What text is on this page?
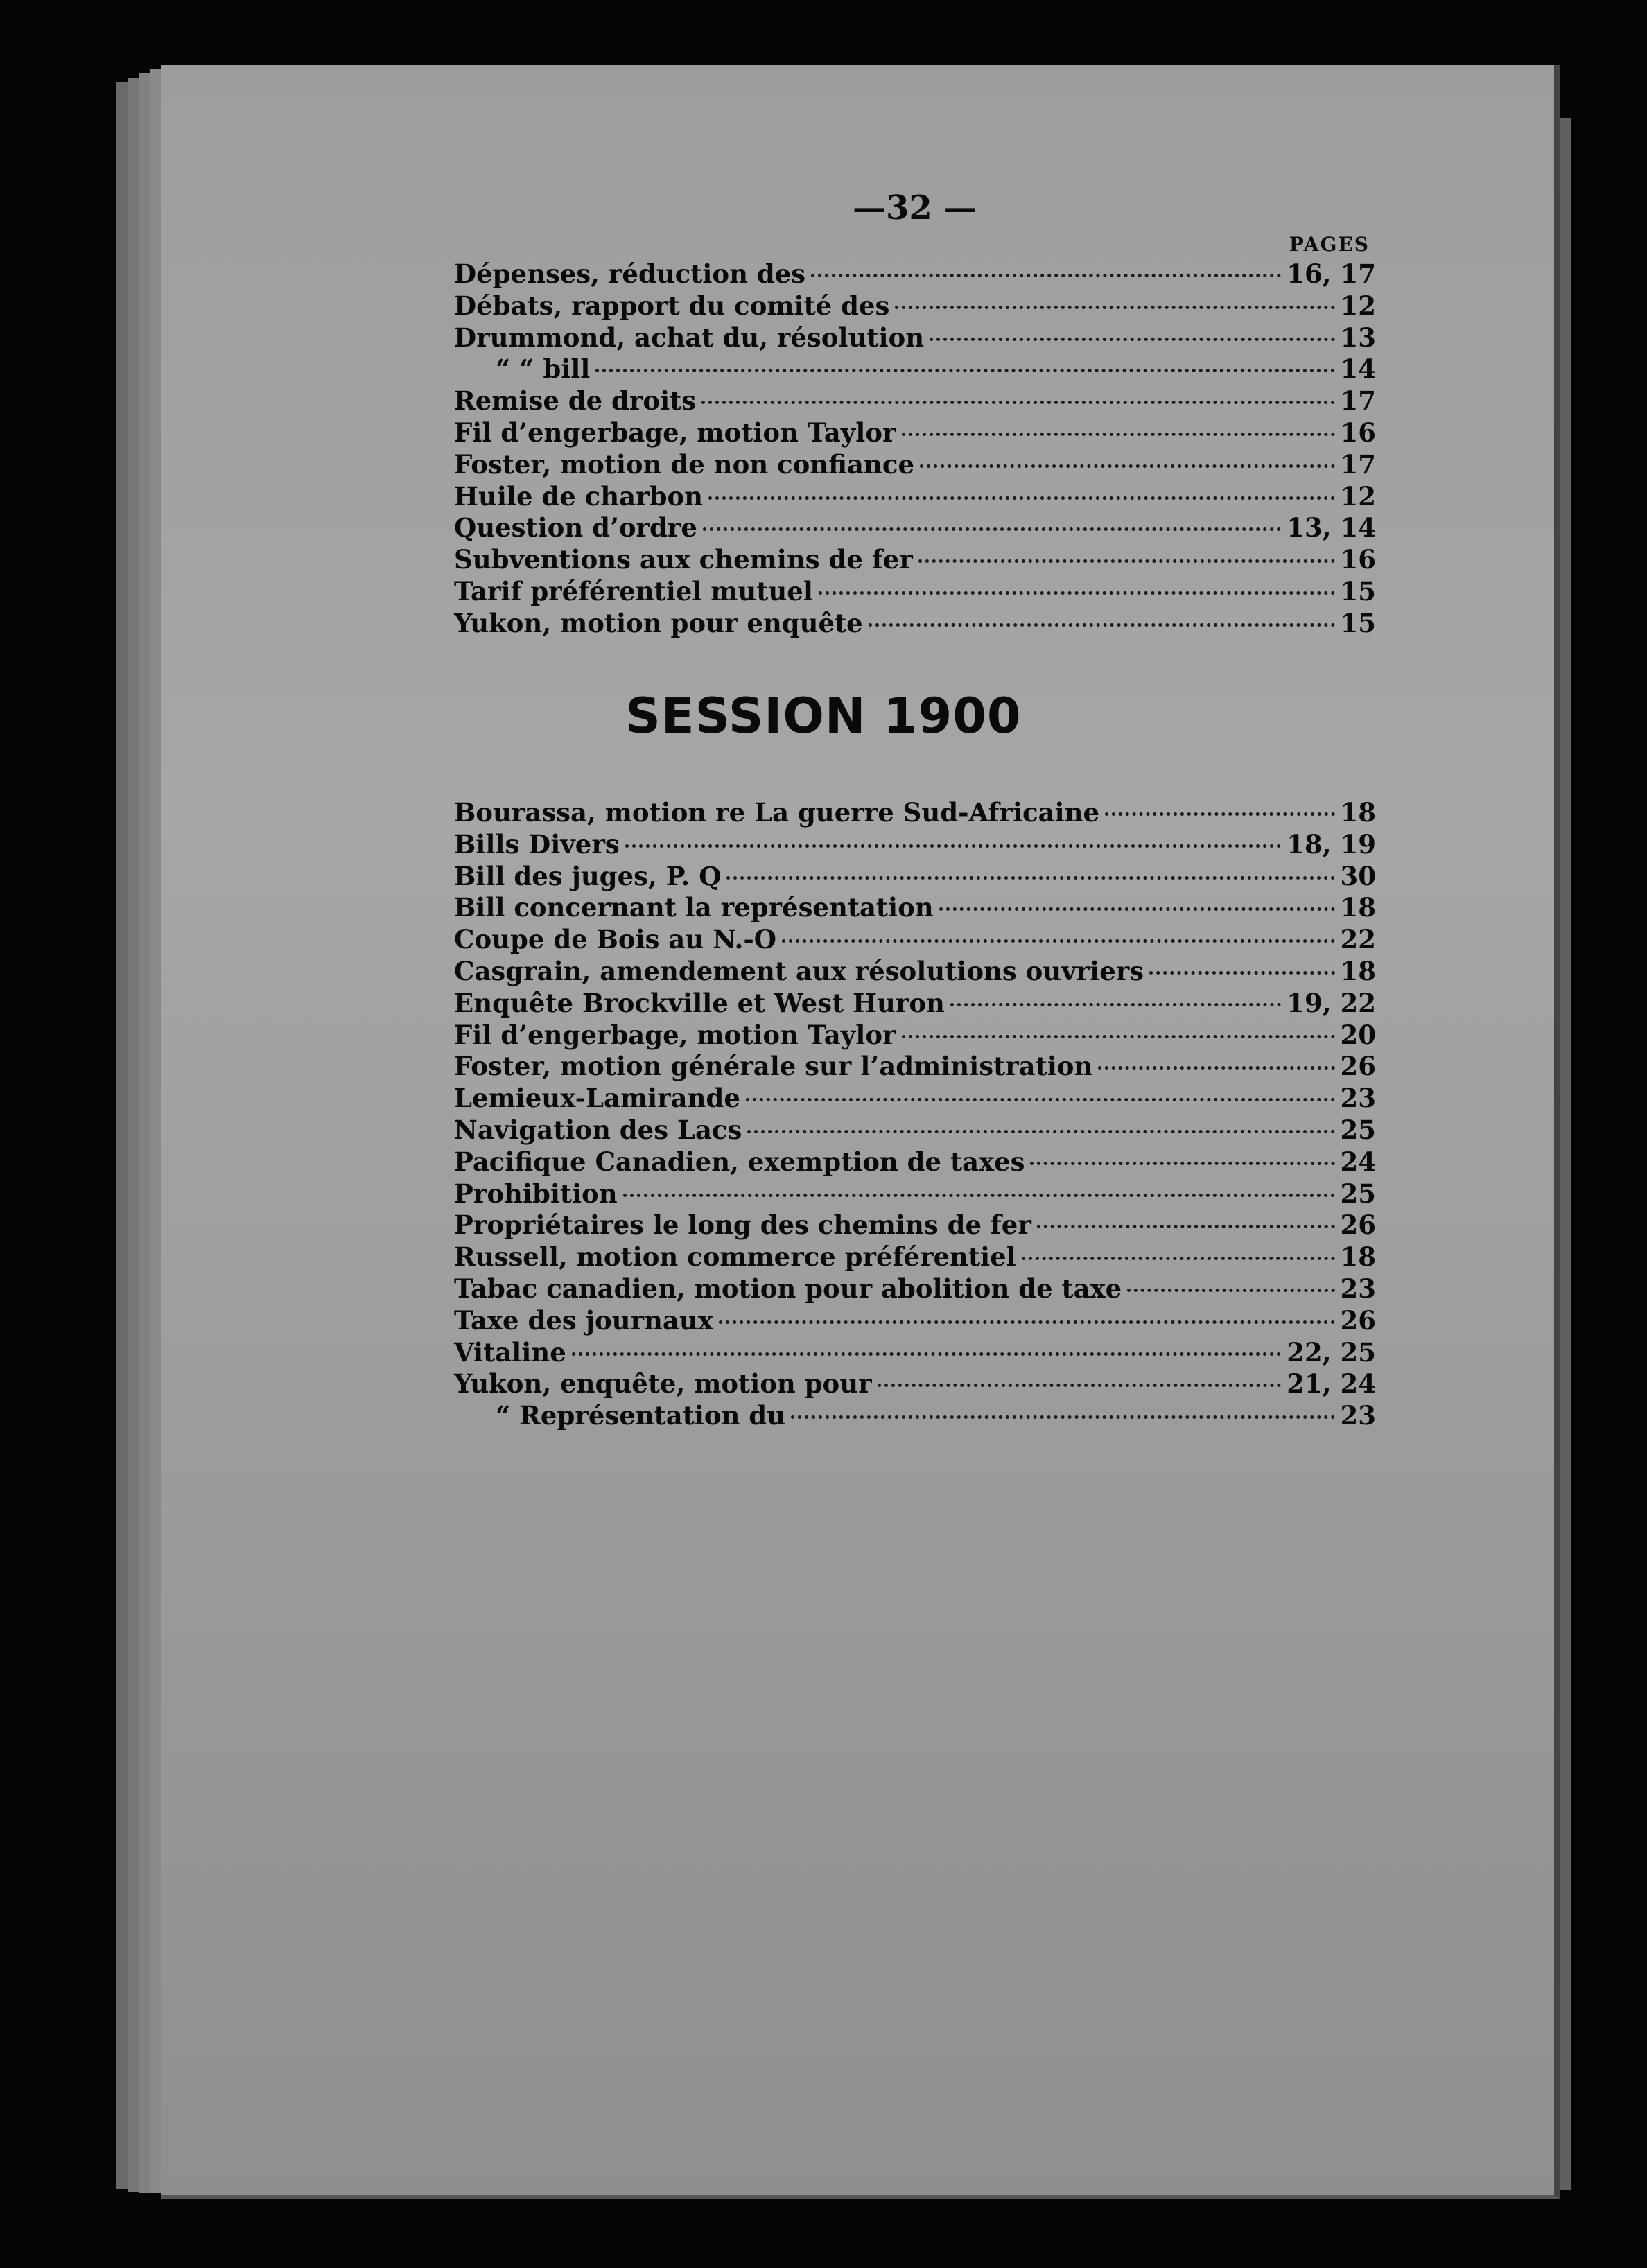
—32 —
PAGES
Dépenses, réduction des	16, 17
Débats, rapport du comité des	12
Drummond, achat du, résolution	13
“ “ bill	14
Remise de droits	17
Fil d’engerbage, motion Taylor	16
Foster, motion de non confiance	17
Huile de charbon	12
Question d’ordre	13, 14
Subventions aux chemins de fer	16
Tarif préférentiel mutuel	15
Yukon, motion pour enquête	15
SESSION 1900
Bourassa, motion re La guerre Sud-Africaine	18
Bills Divers	18, 19
Bill des juges, P. Q	30
Bill concernant la représentation	18
Coupe de Bois au N.-O	22
Casgrain, amendement aux résolutions ouvriers	18
Enquête Brockville et West Huron	19, 22
Fil d’engerbage, motion Taylor	20
Foster, motion générale sur l’administration	26
Lemieux-Lamirande	23
Navigation des Lacs	25
Pacifique Canadien, exemption de taxes	24
Prohibition	25
Propriétaires le long des chemins de fer	26
Russell, motion commerce préférentiel	18
Tabac canadien, motion pour abolition de taxe	23
Taxe des journaux	26
Vitaline	22, 25
Yukon, enquête, motion pour	21, 24
“ Représentation du	23
